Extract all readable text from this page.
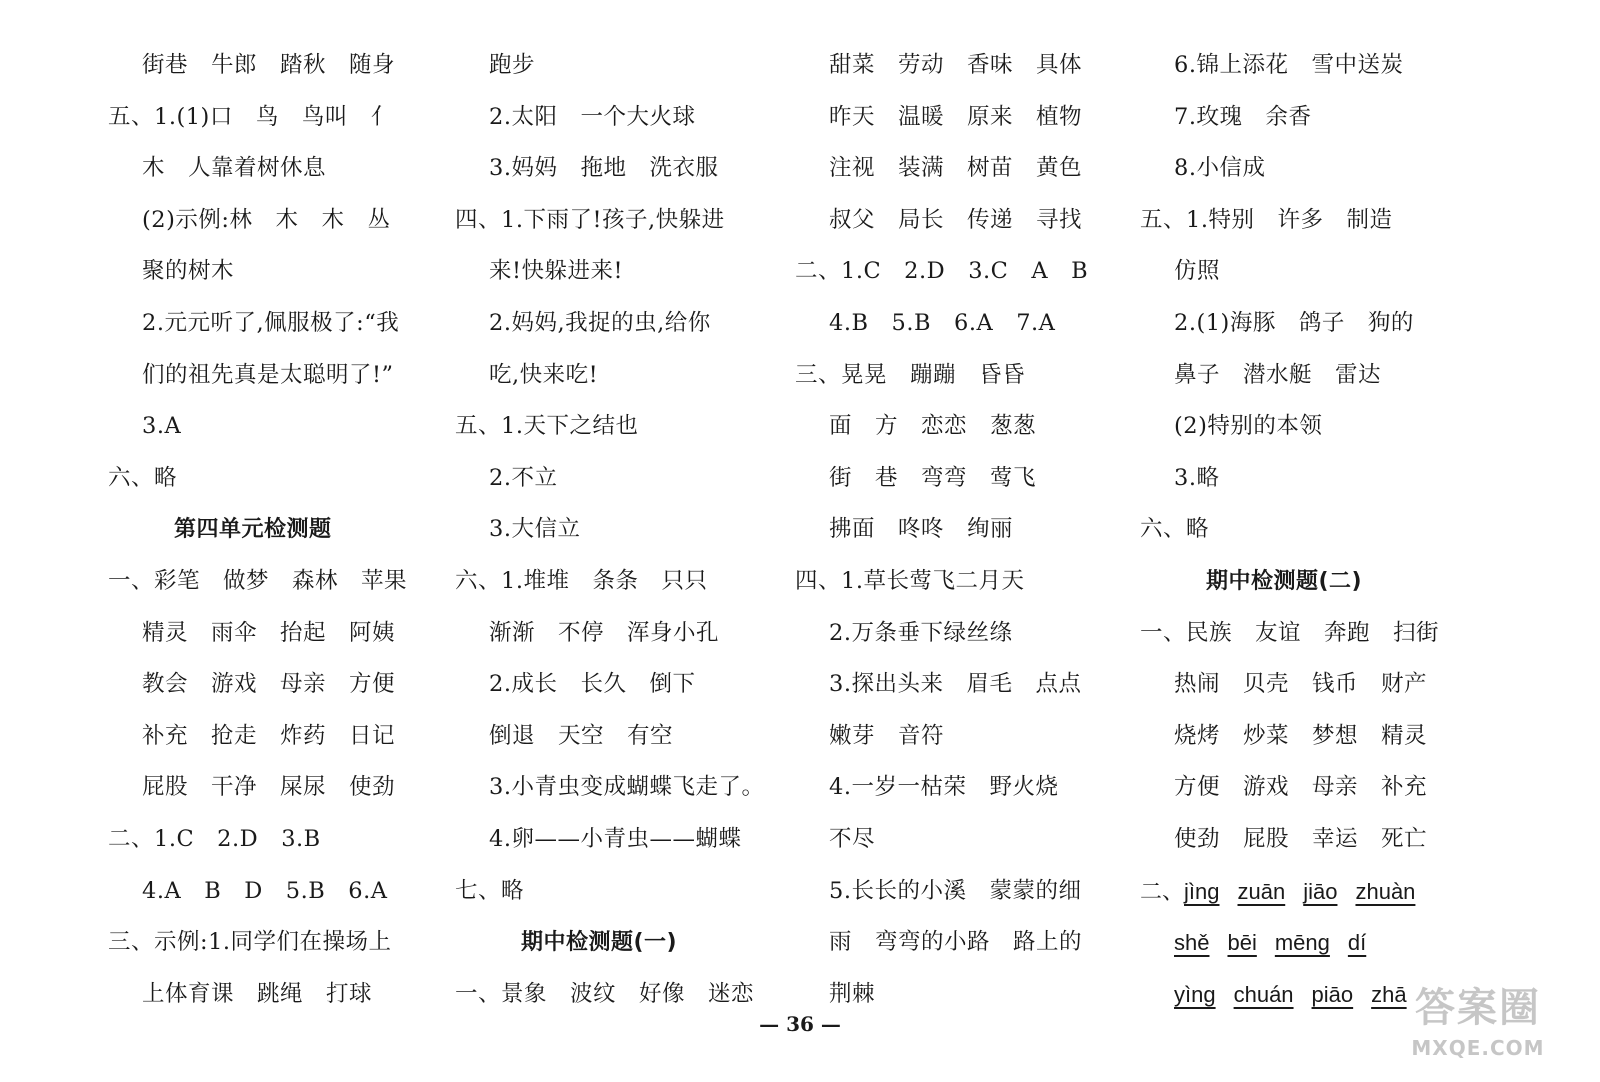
街巷　牛郎　踏秋　随身
五、1.(1)口　鸟　鸟叫　亻
木　人靠着树休息
(2)示例:林　木　木　丛
聚的树木
2.元元听了,佩服极了:“我
们的祖先真是太聪明了!”
3.A
六、略
第四单元检测题
一、彩笔　做梦　森林　苹果
精灵　雨伞　抬起　阿姨
教会　游戏　母亲　方便
补充　抢走　炸药　日记
屁股　干净　屎尿　使劲
二、1.C　2.D　3.B
4.A　B　D　5.B　6.A
三、示例:1.同学们在操场上
上体育课　跳绳　打球
跑步
2.太阳　一个大火球
3.妈妈　拖地　洗衣服
四、1.下雨了!孩子,快躲进
来!快躲进来!
2.妈妈,我捉的虫,给你
吃,快来吃!
五、1.天下之结也
2.不立
3.大信立
六、1.堆堆　条条　只只
渐渐　不停　浑身小孔
2.成长　长久　倒下
倒退　天空　有空
3.小青虫变成蝴蝶飞走了。
4.卵——小青虫——蝴蝶
七、略
期中检测题(一)
一、景象　波纹　好像　迷恋
甜菜　劳动　香味　具体
昨天　温暖　原来　植物
注视　装满　树苗　黄色
叔父　局长　传递　寻找
二、1.C　2.D　3.C　A　B
4.B　5.B　6.A　7.A
三、晃晃　蹦蹦　昏昏
面　方　恋恋　葱葱
街　巷　弯弯　莺飞
拂面　咚咚　绚丽
四、1.草长莺飞二月天
2.万条垂下绿丝绦
3.探出头来　眉毛　点点
嫩芽　音符
4.一岁一枯荣　野火烧
不尽
5.长长的小溪　蒙蒙的细
雨　弯弯的小路　路上的
荆棘
6.锦上添花　雪中送炭
7.玫瑰　余香
8.小信成
五、1.特别　许多　制造
仿照
2.(1)海豚　鸽子　狗的
鼻子　潜水艇　雷达
(2)特别的本领
3.略
六、略
期中检测题(二)
一、民族　友谊　奔跑　扫街
热闹　贝壳　钱币　财产
烧烤　炒菜　梦想　精灵
方便　游戏　母亲　补充
使劲　屁股　幸运　死亡
二、jìng zuān jiāo zhuàn
shě bēi mēng dí
yìng chuán piāo zhā
— 36 —	答案圈
MXQE.COM
